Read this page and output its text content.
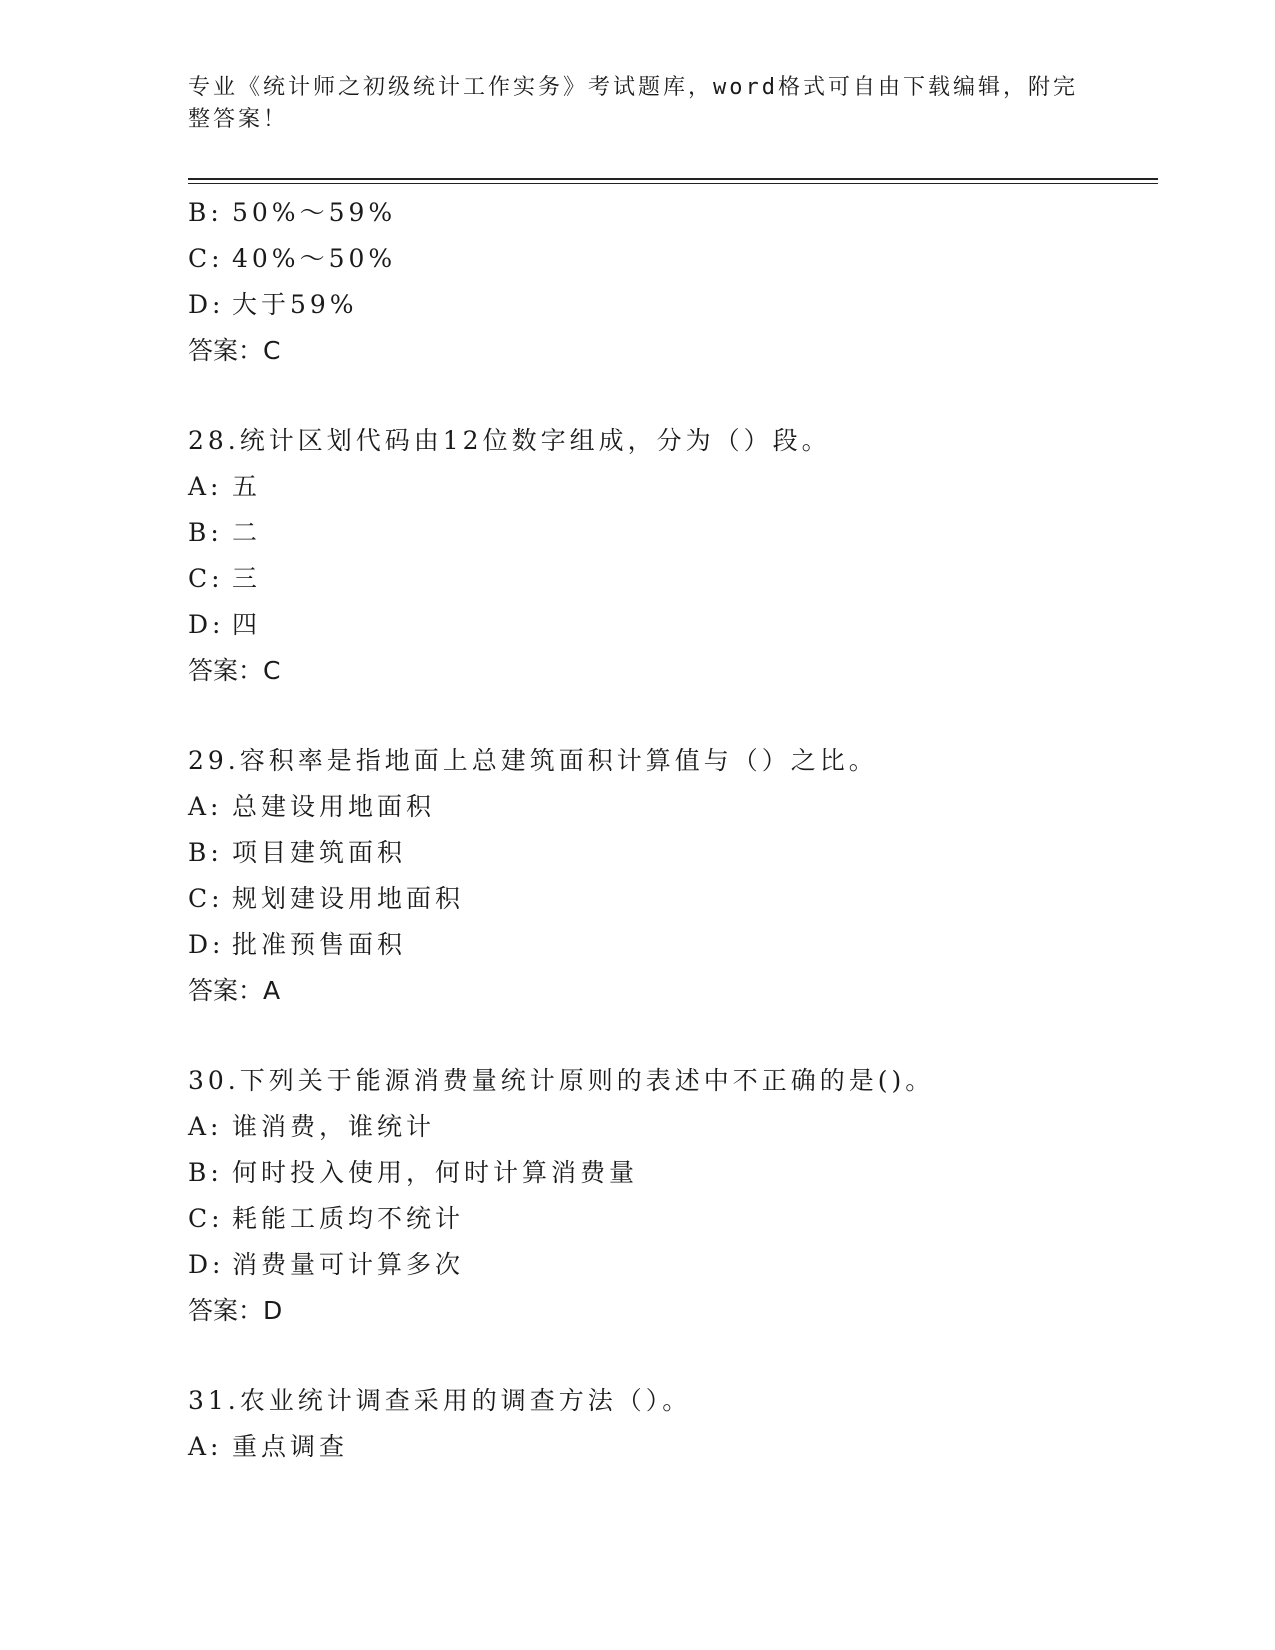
专业《统计师之初级统计工作实务》考试题库，word格式可自由下载编辑，附完
整答案！
B: 50%～59%
C: 40%～50%
D: 大于59%
答案：C
28.统计区划代码由12位数字组成，分为（）段。
A: 五
B: 二
C: 三
D: 四
答案：C
29.容积率是指地面上总建筑面积计算值与（）之比。
A: 总建设用地面积
B: 项目建筑面积
C: 规划建设用地面积
D: 批准预售面积
答案：A
30.下列关于能源消费量统计原则的表述中不正确的是()。
A: 谁消费，谁统计
B: 何时投入使用，何时计算消费量
C: 耗能工质均不统计
D: 消费量可计算多次
答案：D
31.农业统计调查采用的调查方法（）。
A: 重点调查
